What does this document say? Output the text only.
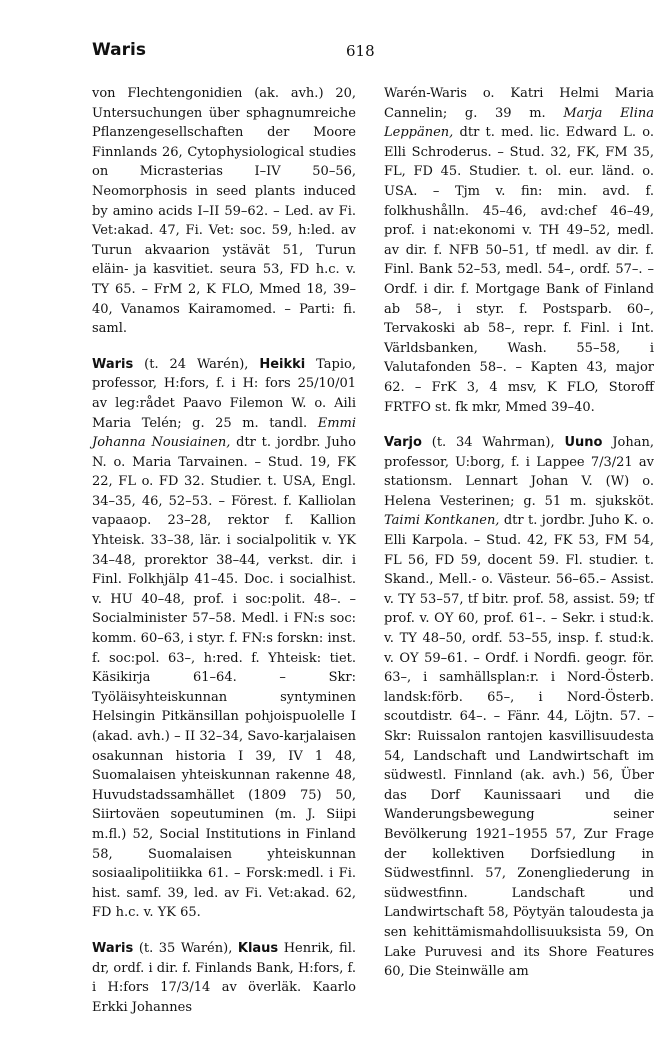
Waris	618

von Flechtengonidien (ak. avh.) 20, Untersuchungen über sphagnumreiche Pflanzengesellschaften der Moore Finnlands 26, Cytophysiological studies on Micrasterias I–IV 50–56, Neomorphosis in seed plants induced by amino acids I–II 59–62. – Led. av Fi. Vet:akad. 47, Fi. Vet: soc. 59, h:led. av Turun akvaarion ystävät 51, Turun eläin- ja kasvitiet. seura 53, FD h.c. v. TY 65. – FrM 2, K FLO, Mmed 18, 39–40, Vanamos Kairamomed. – Parti: fi. saml.

Waris (t. 24 Warén), Heikki Tapio, professor, H:fors, f. i H: fors 25/10/01 av leg:rådet Paavo Filemon W. o. Aili Maria Telén; g. 25 m. tandl. Emmi Johanna Nousiainen, dtr t. jordbr. Juho N. o. Maria Tarvainen. – Stud. 19, FK 22, FL o. FD 32. Studier. t. USA, Engl. 34–35, 46, 52–53. – Förest. f. Kalliolan vapaaop. 23–28, rektor f. Kallion Yhteisk. 33–38, lär. i socialpolitik v. YK 34–48, prorektor 38–44, verkst. dir. i Finl. Folkhjälp 41–45. Doc. i socialhist. v. HU 40–48, prof. i soc:polit. 48–. – Socialminister 57–58. Medl. i FN:s soc: komm. 60–63, i styr. f. FN:s forskn: inst. f. soc:pol. 63–, h:red. f. Yhteisk: tiet. Käsikirja 61–64. – Skr: Työläisyhteiskunnan syntyminen Helsingin Pitkänsillan pohjoispuolelle I (akad. avh.) – II 32–34, Savo-karjalaisen osakunnan historia I 39, IV 1 48, Suomalaisen yhteiskunnan rakenne 48, Huvudstadssamhället (1809 75) 50, Siirtoväen sopeutuminen (m. J. Siipi m.fl.) 52, Social Institutions in Finland 58, Suomalaisen yhteiskunnan sosiaalipolitiikka 61. – Forsk:medl. i Fi. hist. samf. 39, led. av Fi. Vet:akad. 62, FD h.c. v. YK 65.

Waris (t. 35 Warén), Klaus Henrik, fil. dr, ordf. i dir. f. Finlands Bank, H:fors, f. i H:fors 17/3/14 av överläk. Kaarlo Erkki Johannes

Warén-Waris o. Katri Helmi Maria Cannelin; g. 39 m. Marja Elina Leppänen, dtr t. med. lic. Edward L. o. Elli Schroderus. – Stud. 32, FK, FM 35, FL, FD 45. Studier. t. ol. eur. länd. o. USA. – Tjm v. fin: min. avd. f. folkhushålln. 45–46, avd:chef 46–49, prof. i nat:ekonomi v. TH 49–52, medl. av dir. f. NFB 50–51, tf medl. av dir. f. Finl. Bank 52–53, medl. 54–, ordf. 57–. – Ordf. i dir. f. Mortgage Bank of Finland ab 58–, i styr. f. Postsparb. 60–, Tervakoski ab 58–, repr. f. Finl. i Int. Världsbanken, Wash. 55–58, i Valutafonden 58–. – Kapten 43, major 62. – FrK 3, 4 msv, K FLO, Storoff FRTFO st. fk mkr, Mmed 39–40.

Varjo (t. 34 Wahrman), Uuno Johan, professor, U:borg, f. i Lappee 7/3/21 av stationsm. Lennart Johan V. (W) o. Helena Vesterinen; g. 51 m. sjuksköt. Taimi Kontkanen, dtr t. jordbr. Juho K. o. Elli Karpola. – Stud. 42, FK 53, FM 54, FL 56, FD 59, docent 59. Fl. studier. t. Skand., Mell.- o. Västeur. 56–65.– Assist. v. TY 53–57, tf bitr. prof. 58, assist. 59; tf prof. v. OY 60, prof. 61–. – Sekr. i stud:k. v. TY 48–50, ordf. 53–55, insp. f. stud:k. v. OY 59–61. – Ordf. i Nordfi. geogr. för. 63–, i samhällsplan:r. i Nord-Österb. landsk:förb. 65–, i Nord-Österb. scoutdistr. 64–. – Fänr. 44, Löjtn. 57. – Skr: Ruissalon rantojen kasvillisuudesta 54, Landschaft und Landwirtschaft im südwestl. Finnland (ak. avh.) 56, Über das Dorf Kaunissaari und die Wanderungsbewegung seiner Bevölkerung 1921–1955 57, Zur Frage der kollektiven Dorfsiedlung in Südwestfinnl. 57, Zonengliederung in südwestfinn. Landschaft und Landwirtschaft 58, Pöytyän taloudesta ja sen kehittämismahdollisuuksista 59, On Lake Puruvesi and its Shore Features 60, Die Steinwälle am
